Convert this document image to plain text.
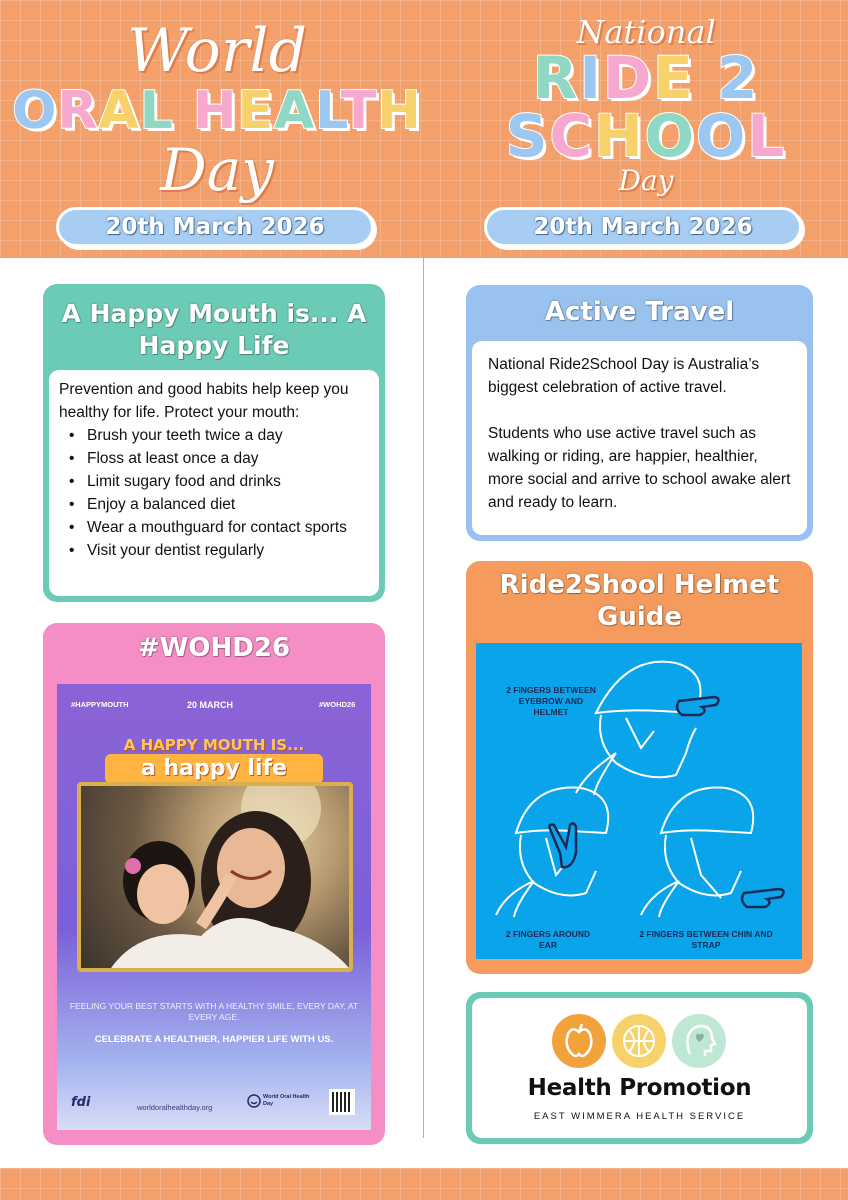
World
ORAL HEALTH
Day
20th March 2026
National
RIDE 2
SCHOOL
Day
20th March 2026
A Happy Mouth is... A Happy Life

Prevention and good habits help keep you healthy for life. Protect your mouth:

• Brush your teeth twice a day
• Floss at least once a day
• Limit sugary food and drinks
• Enjoy a balanced diet
• Wear a mouthguard for contact sports
• Visit your dentist regularly
#WOHD26
#HAPPYMOUTH	20 MARCH	#WOHD26
A HAPPY MOUTH IS...
a happy life
FEELING YOUR BEST STARTS WITH A HEALTHY SMILE, EVERY DAY, AT EVERY AGE.
CELEBRATE A HEALTHIER, HAPPIER LIFE WITH US.
fdi	worldoralhealthday.org
World Oral Health Day
Active Travel

National Ride2School Day is Australia’s biggest celebration of active travel.

Students who use active travel such as walking or riding, are happier, healthier, more social and arrive to school awake alert and ready to learn.

Ride2Shool Helmet Guide
2 FINGERS BETWEEN EYEBROW AND HELMET
2 FINGERS AROUND EAR
2 FINGERS BETWEEN CHIN AND STRAP
Health Promotion
EAST WIMMERA HEALTH SERVICE
